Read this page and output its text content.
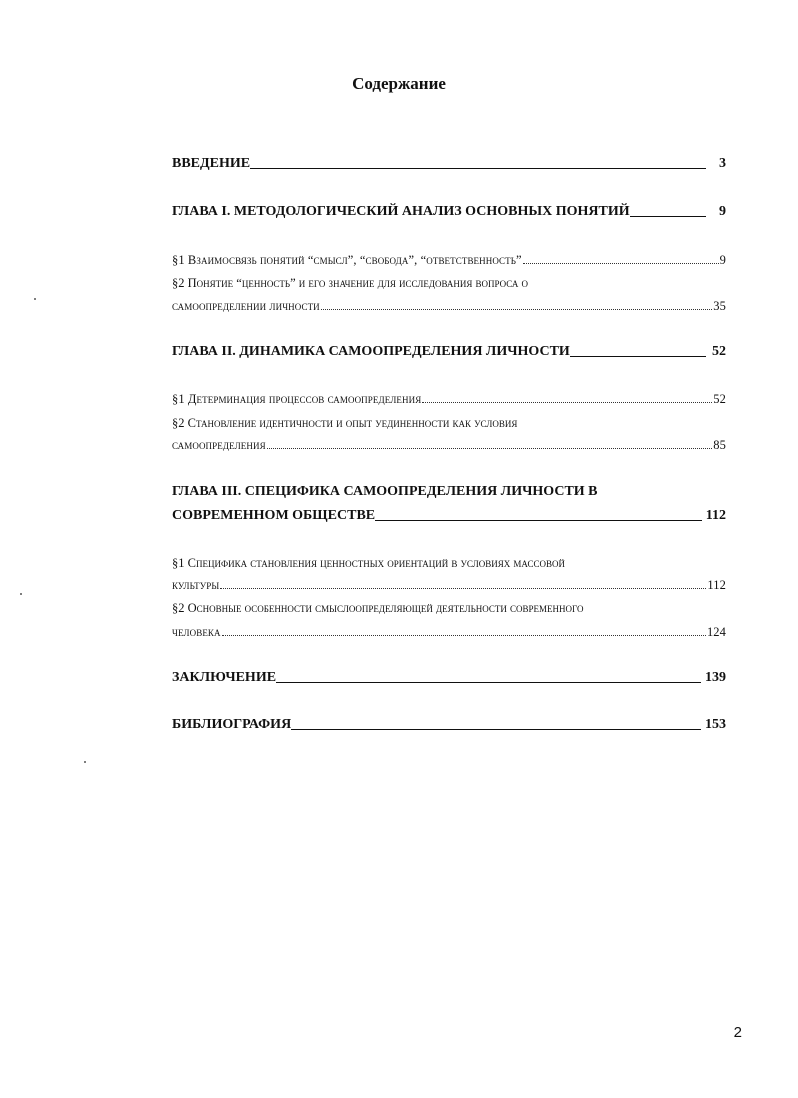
Содержание
ВВЕДЕНИЕ	3
ГЛАВА I. МЕТОДОЛОГИЧЕСКИЙ АНАЛИЗ ОСНОВНЫХ ПОНЯТИЙ	9
§1 Взаимосвязь понятий “смысл”, “свобода”, “ответственность”	9
§2 Понятие “ценность” и его значение для исследования вопроса о
самоопределении личности	35
ГЛАВА II. ДИНАМИКА САМООПРЕДЕЛЕНИЯ ЛИЧНОСТИ	52
§1 Детерминация процессов самоопределения	52
§2 Становление идентичности и опыт уединенности как условия
самоопределения	85
ГЛАВА III. СПЕЦИФИКА САМООПРЕДЕЛЕНИЯ ЛИЧНОСТИ В
СОВРЕМЕННОМ ОБЩЕСТВЕ	112
§1 Специфика становления ценностных ориентаций в условиях массовой
культуры	112
§2 Основные особенности смыслоопределяющей деятельности современного
человека	124
ЗАКЛЮЧЕНИЕ	139
БИБЛИОГРАФИЯ	153
2
